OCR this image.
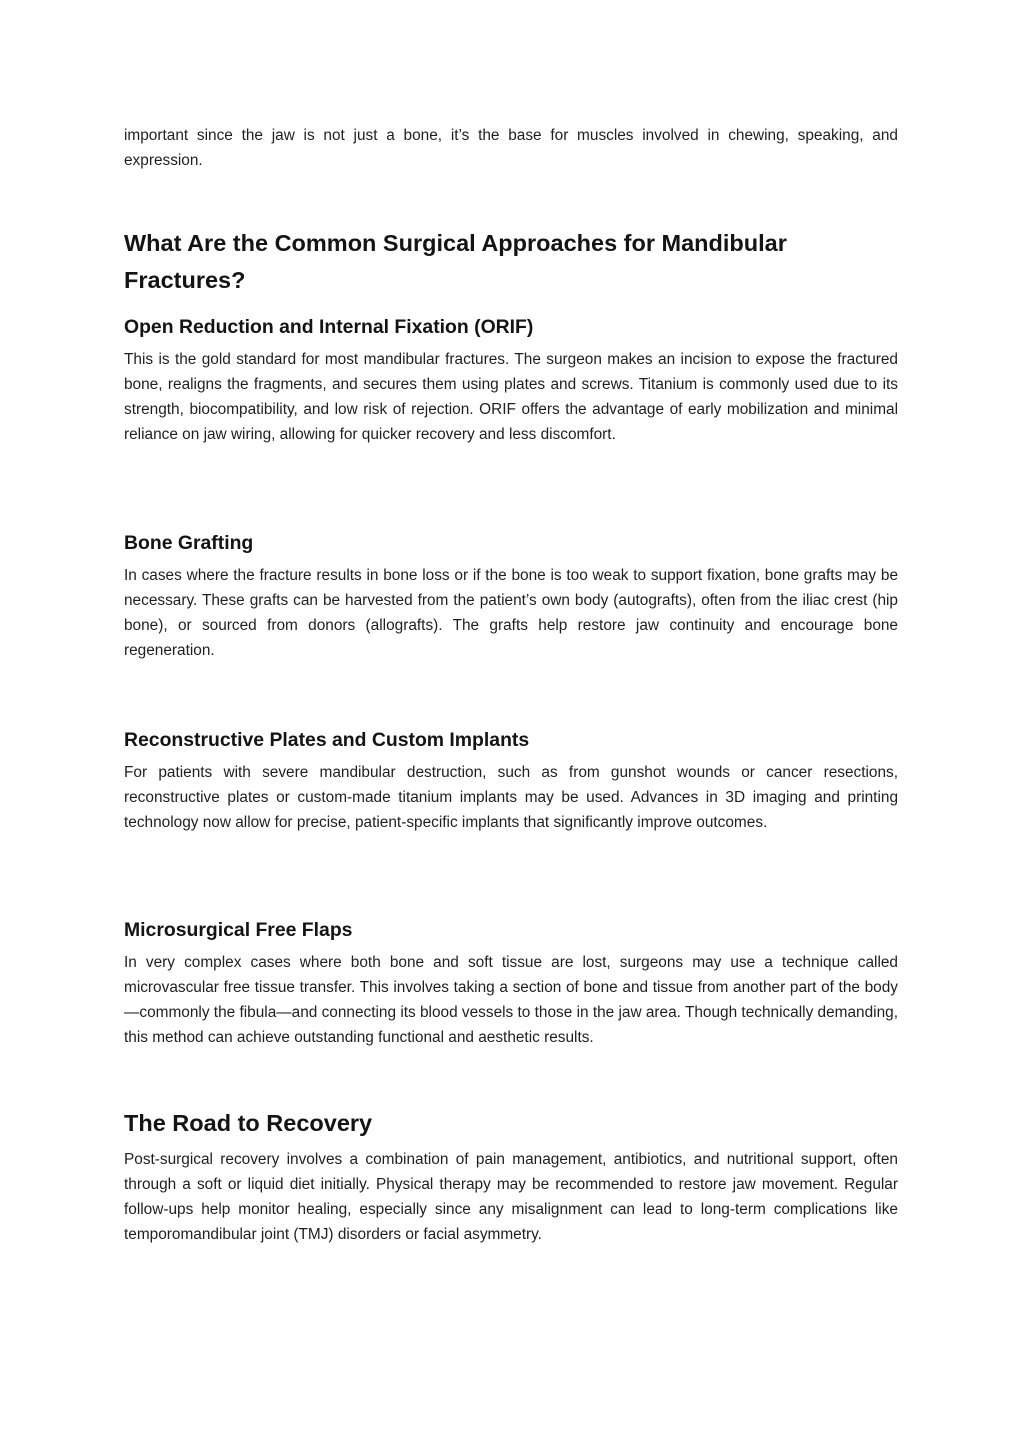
important since the jaw is not just a bone, it’s the base for muscles involved in chewing, speaking, and expression.

What Are the Common Surgical Approaches for Mandibular Fractures?
Open Reduction and Internal Fixation (ORIF)

This is the gold standard for most mandibular fractures. The surgeon makes an incision to expose the fractured bone, realigns the fragments, and secures them using plates and screws. Titanium is commonly used due to its strength, biocompatibility, and low risk of rejection. ORIF offers the advantage of early mobilization and minimal reliance on jaw wiring, allowing for quicker recovery and less discomfort.

Bone Grafting

In cases where the fracture results in bone loss or if the bone is too weak to support fixation, bone grafts may be necessary. These grafts can be harvested from the patient’s own body (autografts), often from the iliac crest (hip bone), or sourced from donors (allografts). The grafts help restore jaw continuity and encourage bone regeneration.

Reconstructive Plates and Custom Implants

For patients with severe mandibular destruction, such as from gunshot wounds or cancer resections, reconstructive plates or custom-made titanium implants may be used. Advances in 3D imaging and printing technology now allow for precise, patient-specific implants that significantly improve outcomes.

Microsurgical Free Flaps

In very complex cases where both bone and soft tissue are lost, surgeons may use a technique called microvascular free tissue transfer. This involves taking a section of bone and tissue from another part of the body—commonly the fibula—and connecting its blood vessels to those in the jaw area. Though technically demanding, this method can achieve outstanding functional and aesthetic results.

The Road to Recovery

Post-surgical recovery involves a combination of pain management, antibiotics, and nutritional support, often through a soft or liquid diet initially. Physical therapy may be recommended to restore jaw movement. Regular follow-ups help monitor healing, especially since any misalignment can lead to long-term complications like temporomandibular joint (TMJ) disorders or facial asymmetry.
